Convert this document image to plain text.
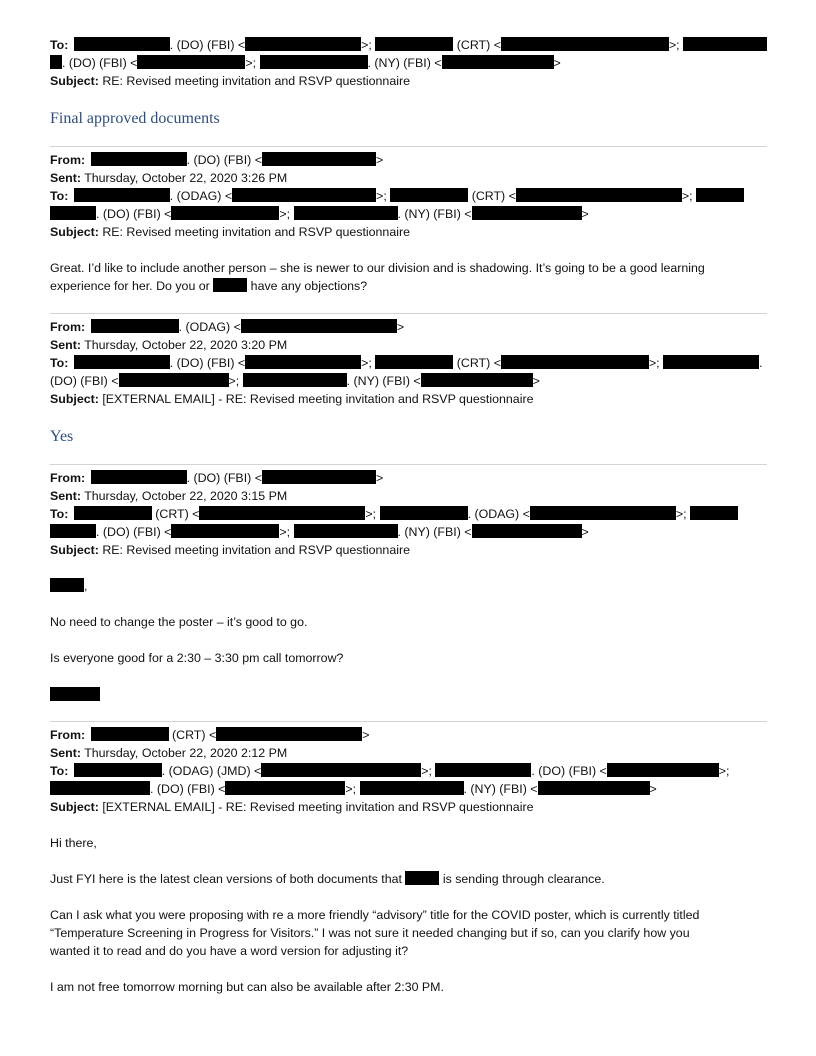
To:	. (DO) (FBI) <	>;	(CRT) <	>;
. (DO) (FBI) <	>;	. (NY) (FBI) <	>
Subject: RE: Revised meeting invitation and RSVP questionnaire
Final approved documents
From:	. (DO) (FBI) <	>
Sent: Thursday, October 22, 2020 3:26 PM
To:	. (ODAG) <	>;	(CRT) <	>;
. (DO) (FBI) <	>;	. (NY) (FBI) <	>
Subject: RE: Revised meeting invitation and RSVP questionnaire
Great. I’d like to include another person – she is newer to our division and is shadowing. It’s going to be a good learning
experience for her. Do you or	have any objections?
From:	. (ODAG) <	>
Sent: Thursday, October 22, 2020 3:20 PM
To:	. (DO) (FBI) <	>;	(CRT) <	>;	.
(DO) (FBI) <	>;	. (NY) (FBI) <	>
Subject: [EXTERNAL EMAIL] - RE: Revised meeting invitation and RSVP questionnaire
Yes
From:	. (DO) (FBI) <	>
Sent: Thursday, October 22, 2020 3:15 PM
To:	(CRT) <	>;	. (ODAG) <	>;
. (DO) (FBI) <	>;	. (NY) (FBI) <	>
Subject: RE: Revised meeting invitation and RSVP questionnaire
,
No need to change the poster – it’s good to go.
Is everyone good for a 2:30 – 3:30 pm call tomorrow?
From:	(CRT) <	>
Sent: Thursday, October 22, 2020 2:12 PM
To:	. (ODAG) (JMD) <	>;	. (DO) (FBI) <	>;
. (DO) (FBI) <	>;	. (NY) (FBI) <	>
Subject: [EXTERNAL EMAIL] - RE: Revised meeting invitation and RSVP questionnaire
Hi there,
Just FYI here is the latest clean versions of both documents that	is sending through clearance.
Can I ask what you were proposing with re a more friendly “advisory” title for the COVID poster, which is currently titled
“Temperature Screening in Progress for Visitors.” I was not sure it needed changing but if so, can you clarify how you
wanted it to read and do you have a word version for adjusting it?
I am not free tomorrow morning but can also be available after 2:30 PM.
